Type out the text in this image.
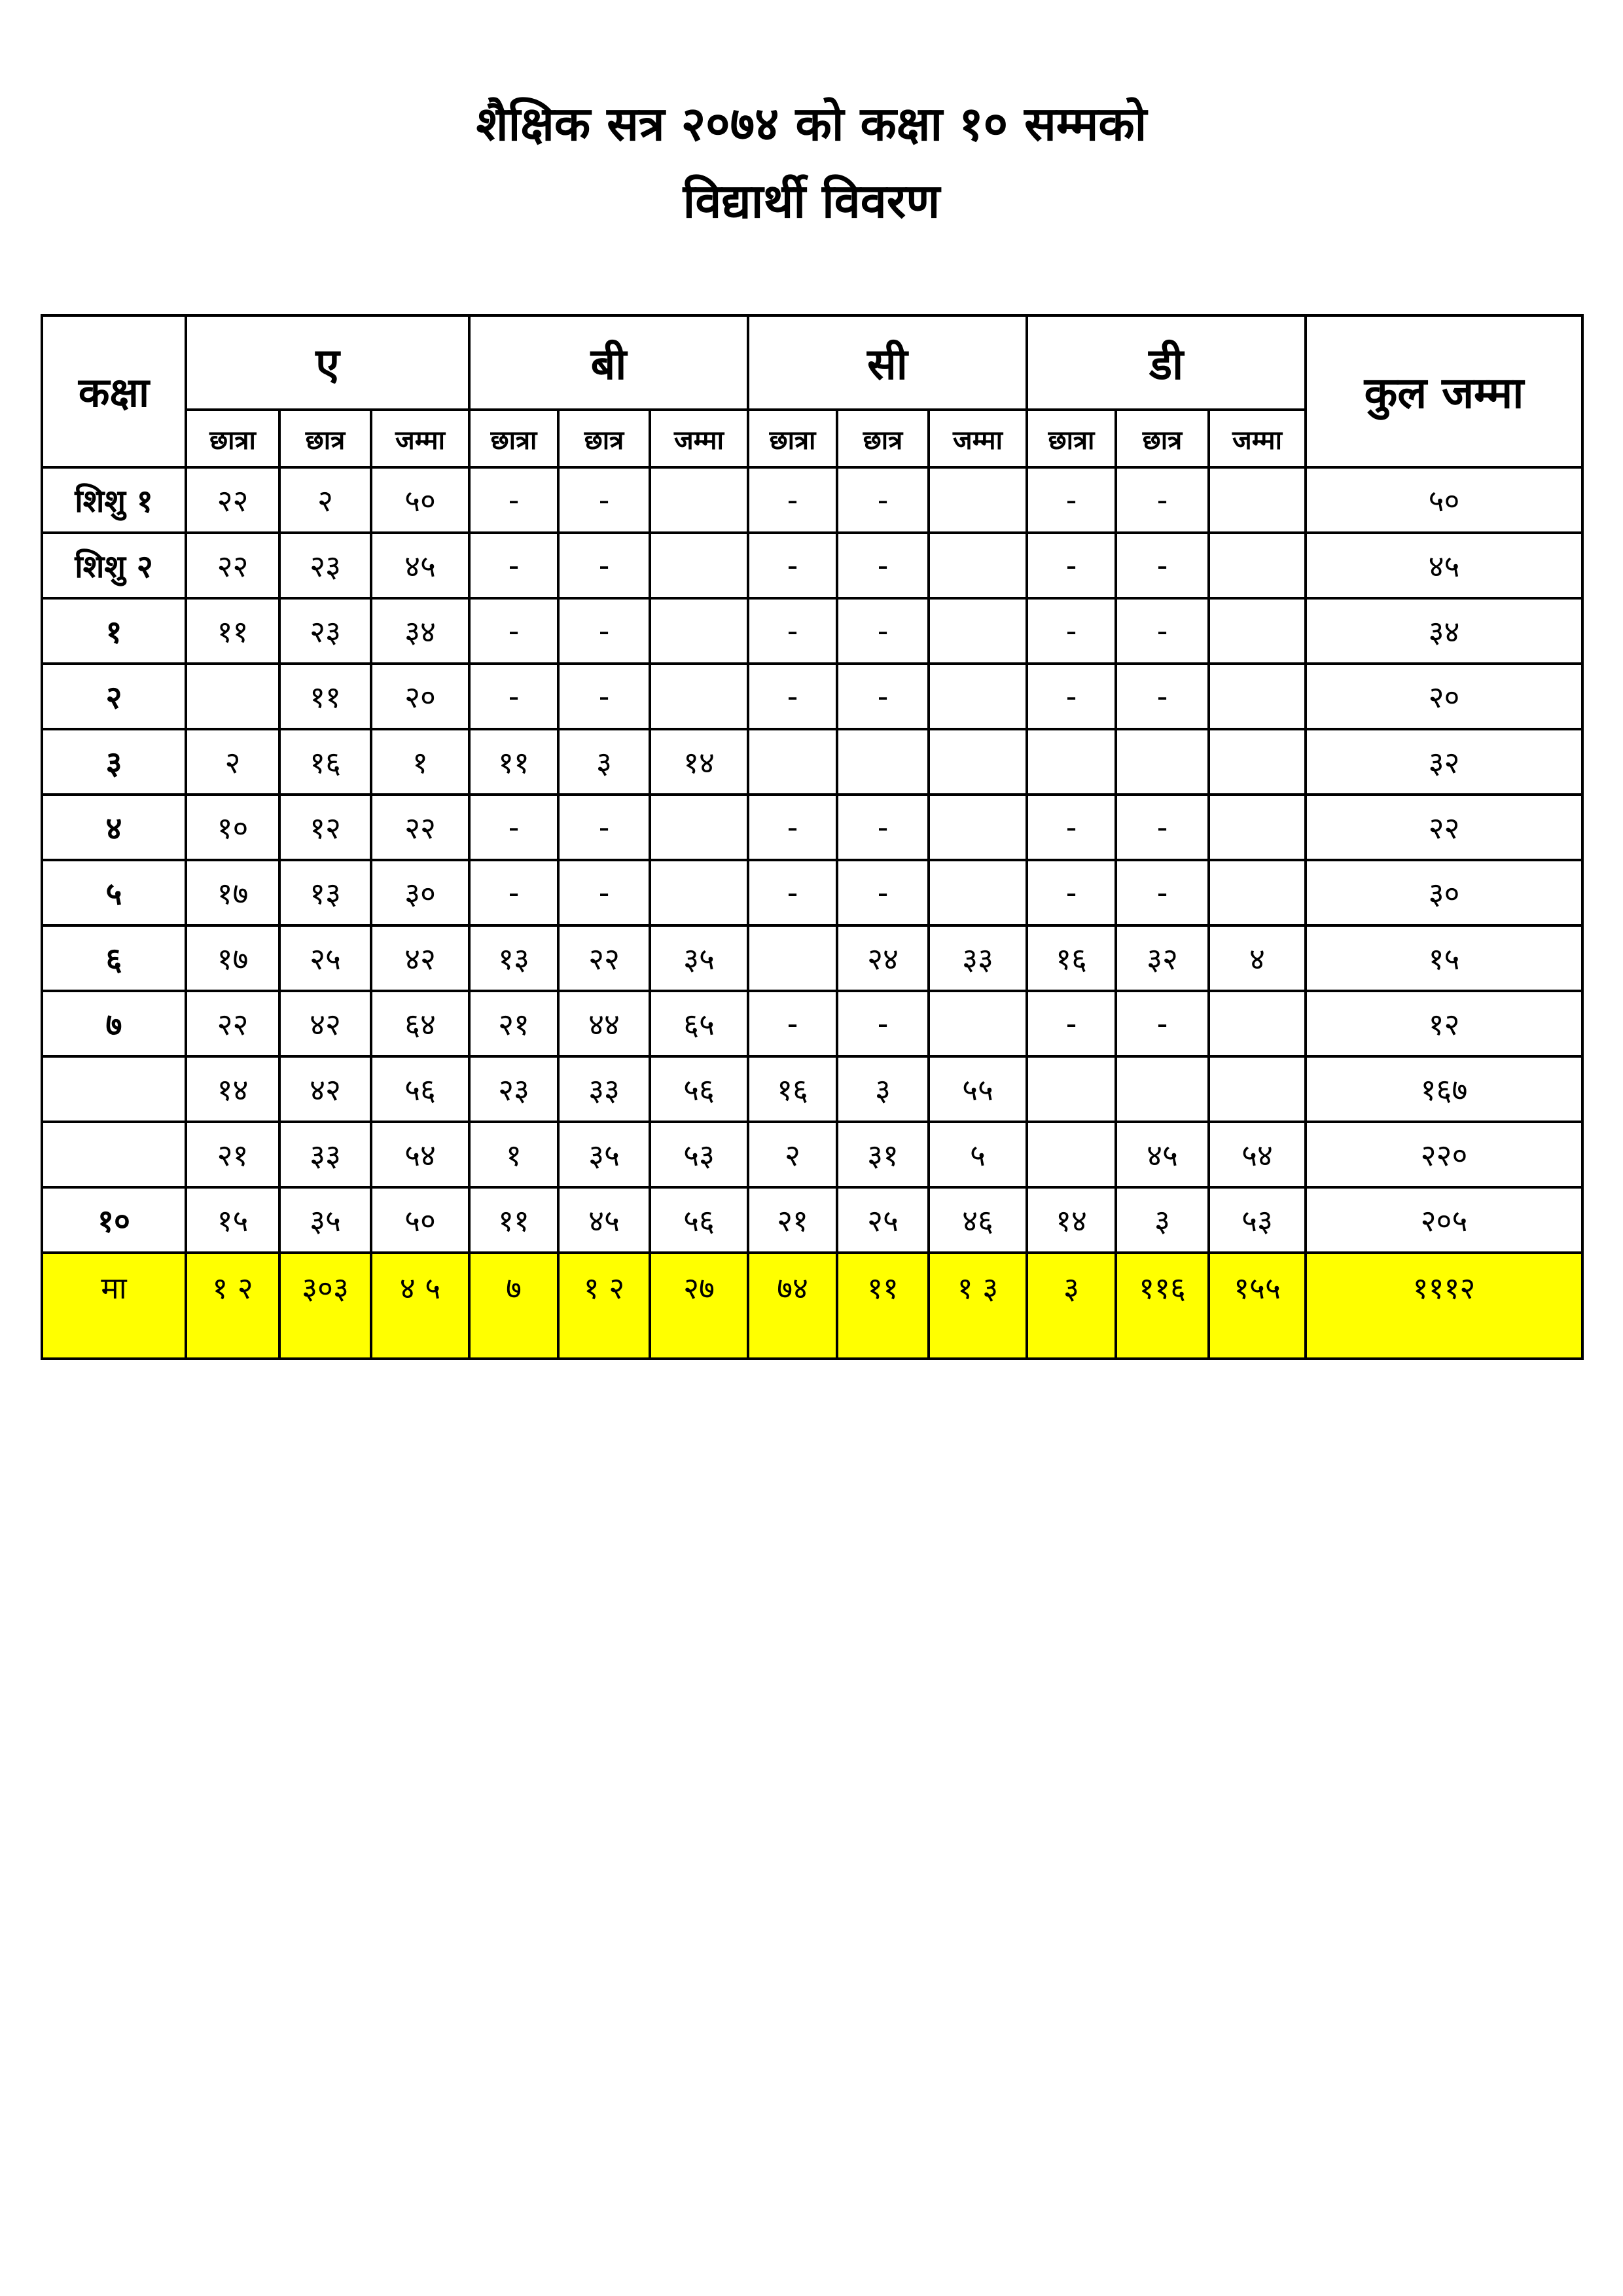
शैक्षिक सत्र २०७४ को कक्षा १० सम्मको
विद्यार्थी विवरण
कक्षा	ए			बी			सी			डी			कुल जम्मा
	छात्रा	छात्र	जम्मा	छात्रा	छात्र	जम्मा	छात्रा	छात्र	जम्मा	छात्रा	छात्र	जम्मा	
शिशु १	२२	२	५०	-	-		-	-		-	-		५०
शिशु २	२२	२३	४५	-	-		-	-		-	-		४५
१	११	२३	३४	-	-		-	-		-	-		३४
२		११	२०	-	-		-	-		-	-		२०
३	२	१६	१	११	३	१४							३२
४	१०	१२	२२	-	-		-	-		-	-		२२
५	१७	१३	३०	-	-		-	-		-	-		३०
६	१७	२५	४२	१३	२२	३५		२४	३३	१६	३२	४	१५
७	२२	४२	६४	२१	४४	६५	-	-		-	-		१२
	१४	४२	५६	२३	३३	५६	१६	३	५५				१६७
	२१	३३	५४	१	३५	५३	२	३१	५		४५	५४	२२०
१०	१५	३५	५०	११	४५	५६	२१	२५	४६	१४	३	५३	२०५
मा	१ २	३०३	४ ५	७	१ २	२७	७४	११	१ ३	३	११६	१५५	१११२
